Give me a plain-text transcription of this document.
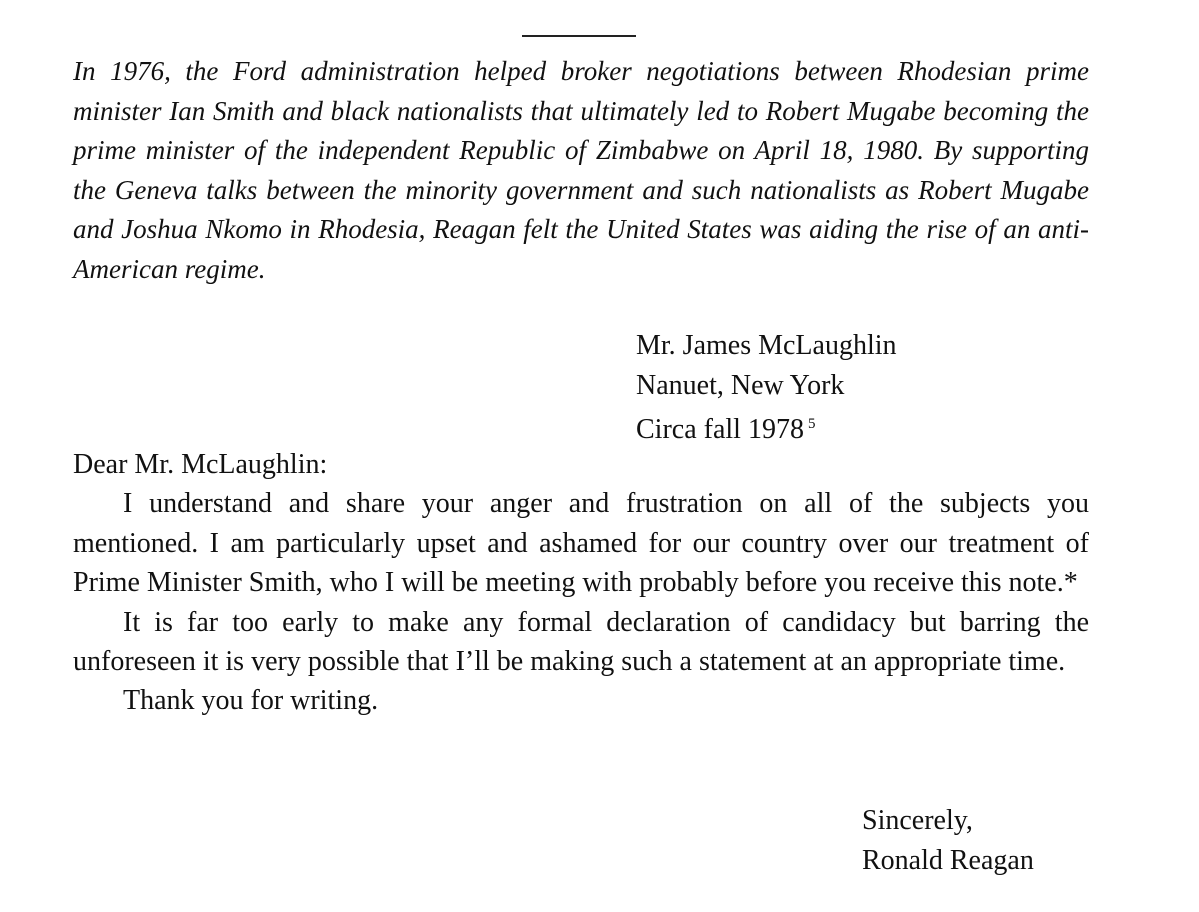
In 1976, the Ford administration helped broker negotiations between Rhodesian prime minister Ian Smith and black nationalists that ultimately led to Robert Mugabe becoming the prime minister of the independent Republic of Zimbabwe on April 18, 1980. By supporting the Geneva talks between the minority government and such nationalists as Robert Mugabe and Joshua Nkomo in Rhodesia, Reagan felt the United States was aiding the rise of an anti-American regime.

Mr. James McLaughlin
Nanuet, New York
Circa fall 1978 $^5$
Dear Mr. McLaughlin:

I understand and share your anger and frustration on all of the subjects you mentioned. I am particularly upset and ashamed for our country over our treatment of Prime Minister Smith, who I will be meeting with probably before you receive this note.*

It is far too early to make any formal declaration of candidacy but barring the unforeseen it is very possible that I’ll be making such a statement at an appropriate time.

Thank you for writing.

Sincerely,
Ronald Reagan
